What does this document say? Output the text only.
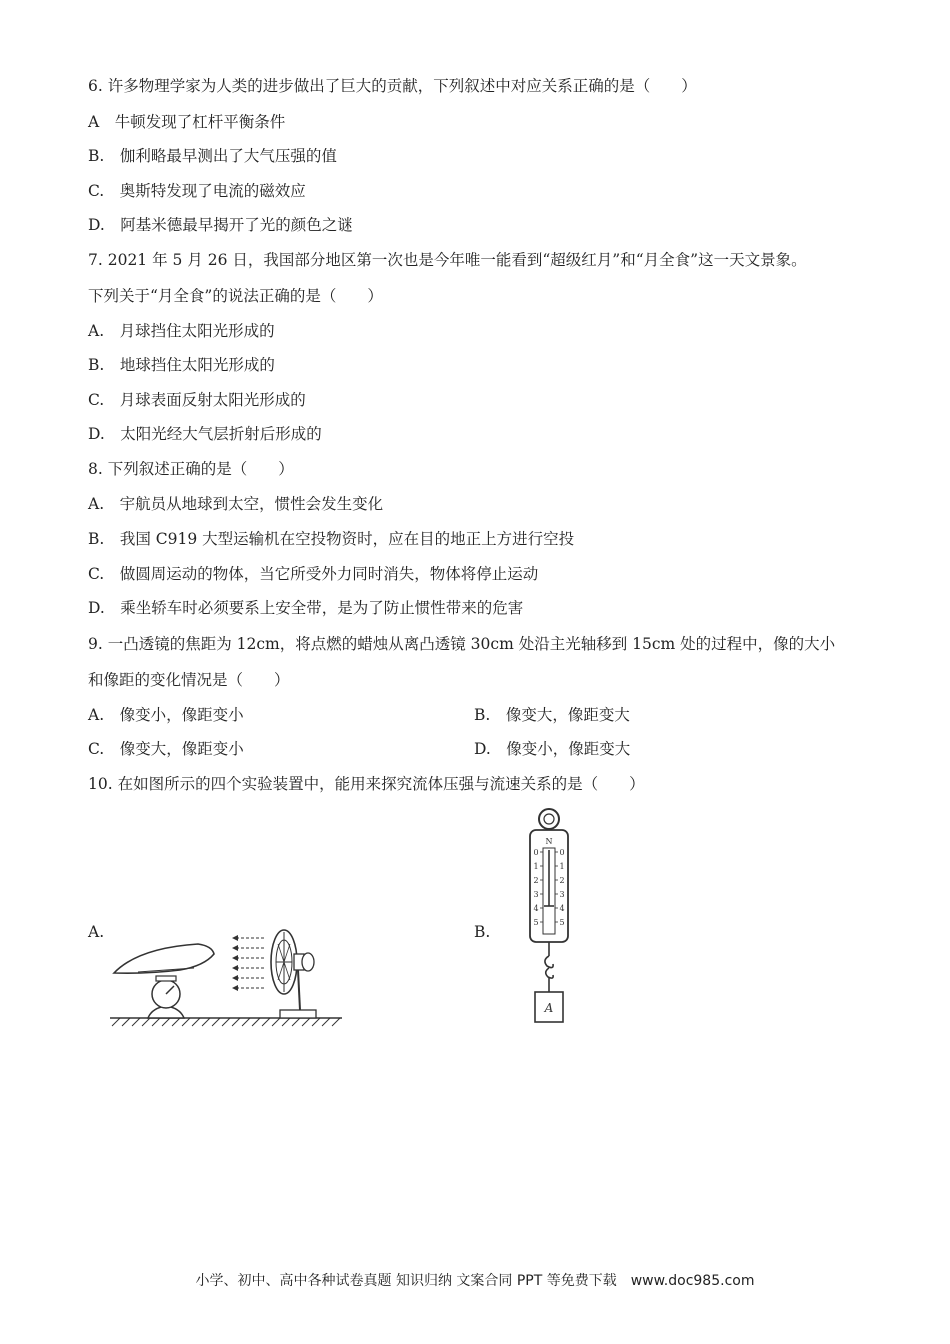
6. 许多物理学家为人类的进步做出了巨大的贡献，下列叙述中对应关系正确的是（　　）
A　牛顿发现了杠杆平衡条件
B.　伽利略最早测出了大气压强的值
C.　奥斯特发现了电流的磁效应
D.　阿基米德最早揭开了光的颜色之谜
7. 2021 年 5 月 26 日，我国部分地区第一次也是今年唯一能看到“超级红月”和“月全食”这一天文景象。
下列关于“月全食”的说法正确的是（　　）
A.　月球挡住太阳光形成的
B.　地球挡住太阳光形成的
C.　月球表面反射太阳光形成的
D.　太阳光经大气层折射后形成的
8. 下列叙述正确的是（　　）
A.　宇航员从地球到太空，惯性会发生变化
B.　我国 C919 大型运输机在空投物资时，应在目的地正上方进行空投
C.　做圆周运动的物体，当它所受外力同时消失，物体将停止运动
D.　乘坐轿车时必须要系上安全带，是为了防止惯性带来的危害
9. 一凸透镜的焦距为 12cm，将点燃的蜡烛从离凸透镜 30cm 处沿主光轴移到 15cm 处的过程中，像的大小
和像距的变化情况是（　　）
A.　像变小，像距变小	B.　像变大，像距变大
C.　像变大，像距变小	D.　像变小，像距变大
10. 在如图所示的四个实验装置中，能用来探究流体压强与流速关系的是（　　）
A.	B.
N
0	0
1	1
2	2
3	3
4	4
5	5
A
小学、初中、高中各种试卷真题 知识归纳 文案合同 PPT 等免费下载　www.doc985.com
